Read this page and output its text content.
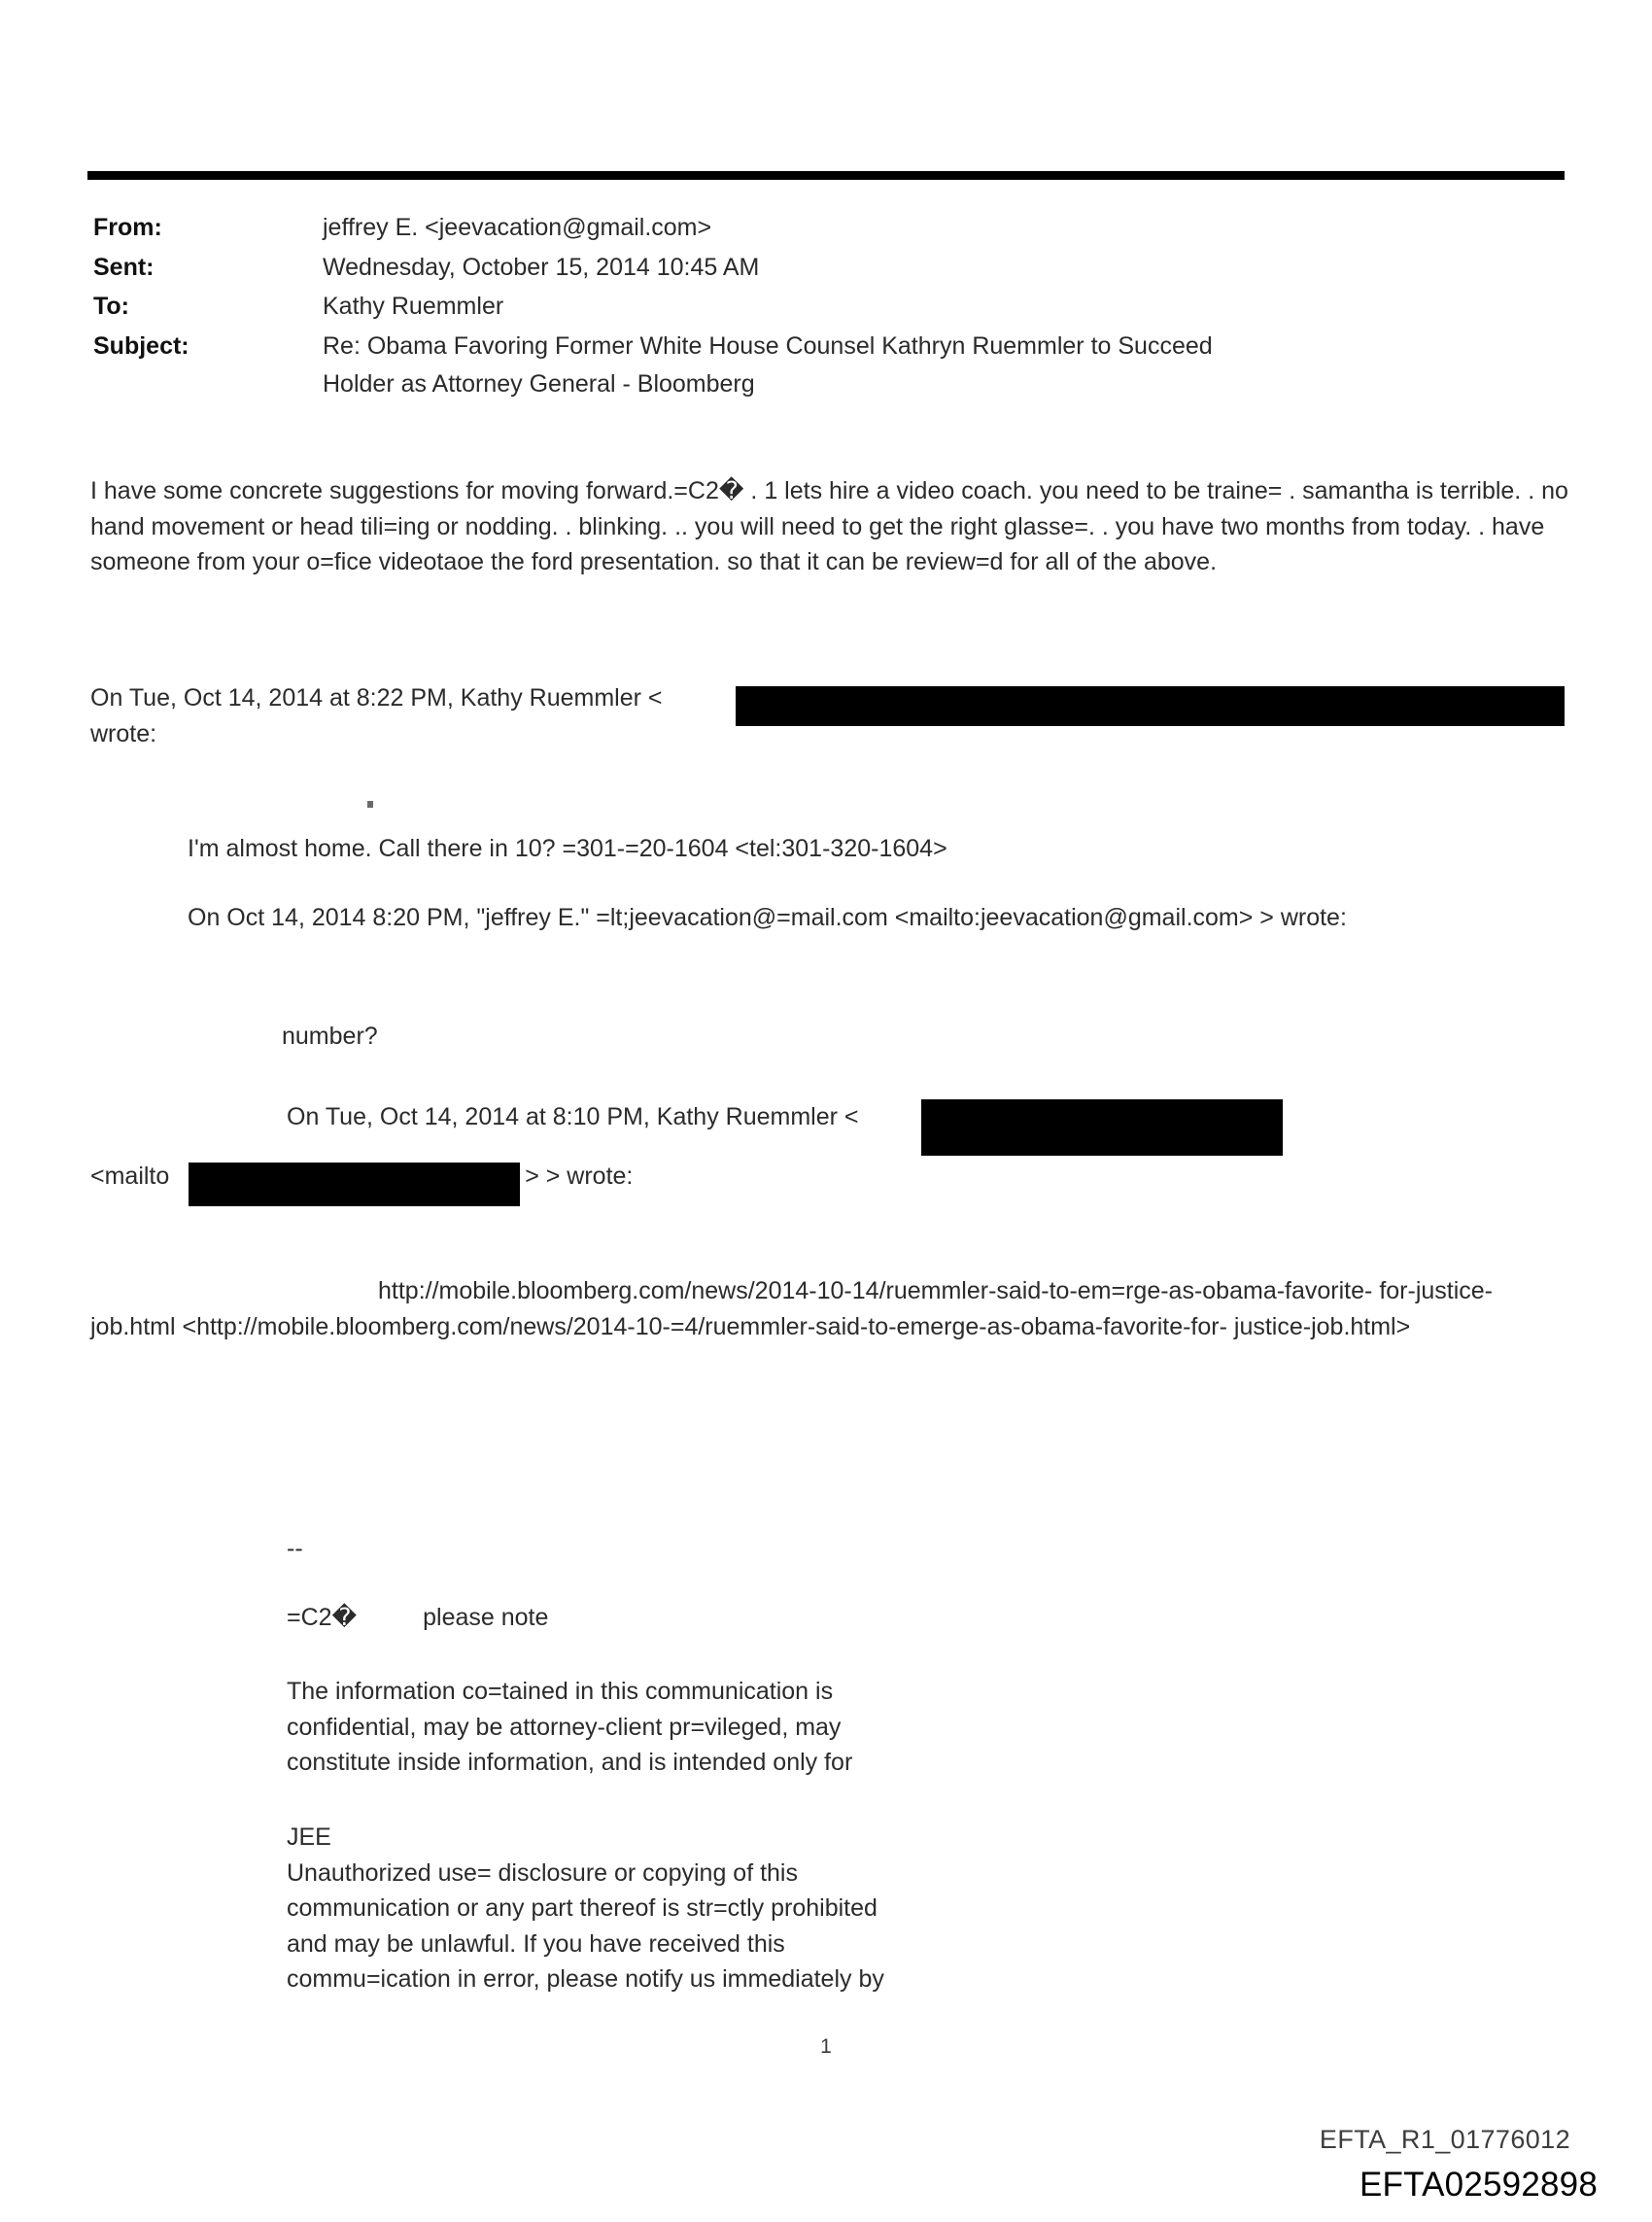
From:	jeffrey E. <jeevacation@gmail.com>
Sent:	Wednesday, October 15, 2014 10:45 AM
To:	Kathy Ruemmler
Subject:	Re: Obama Favoring Former White House Counsel Kathryn Ruemmler to Succeed
Holder as Attorney General - Bloomberg

I have some concrete suggestions for moving forward.=C2� . 1 lets hire a video coach. you need to be traine= . samantha is terrible. . no hand movement or head tili=ing or nodding. . blinking. .. you will need to get the right glasse=. . you have two months from today. . have someone from your o=fice videotaoe the ford presentation. so that it can be review=d for all of the above.

On Tue, Oct 14, 2014 at 8:22 PM, Kathy Ruemmler <

wrote:

I'm almost home. Call there in 10? =301-=20-1604 <tel:301-320-1604>

On Oct 14, 2014 8:20 PM, "jeffrey E." =lt;jeevacation@=mail.com <mailto:jeevacation@gmail.com> > wrote:

number?

On Tue, Oct 14, 2014 at 8:10 PM, Kathy Ruemmler <

<mailto	> > wrote:

http://mobile.bloomberg.com/news/2014-10-14/ruemmler-said-to-em=rge-as-obama-favorite- for-justice-job.html <http://mobile.bloomberg.com/news/2014-10-=4/ruemmler-said-to-emerge-as-obama-favorite-for- justice-job.html>

--

=C2�	please note

The information co=tained in this communication is

confidential, may be attorney-client pr=vileged, may

constitute inside information, and is intended only for

JEE

Unauthorized use= disclosure or copying of this

communication or any part thereof is str=ctly prohibited

and may be unlawful. If you have received this

commu=ication in error, please notify us immediately by

1
EFTA_R1_01776012
EFTA02592898
